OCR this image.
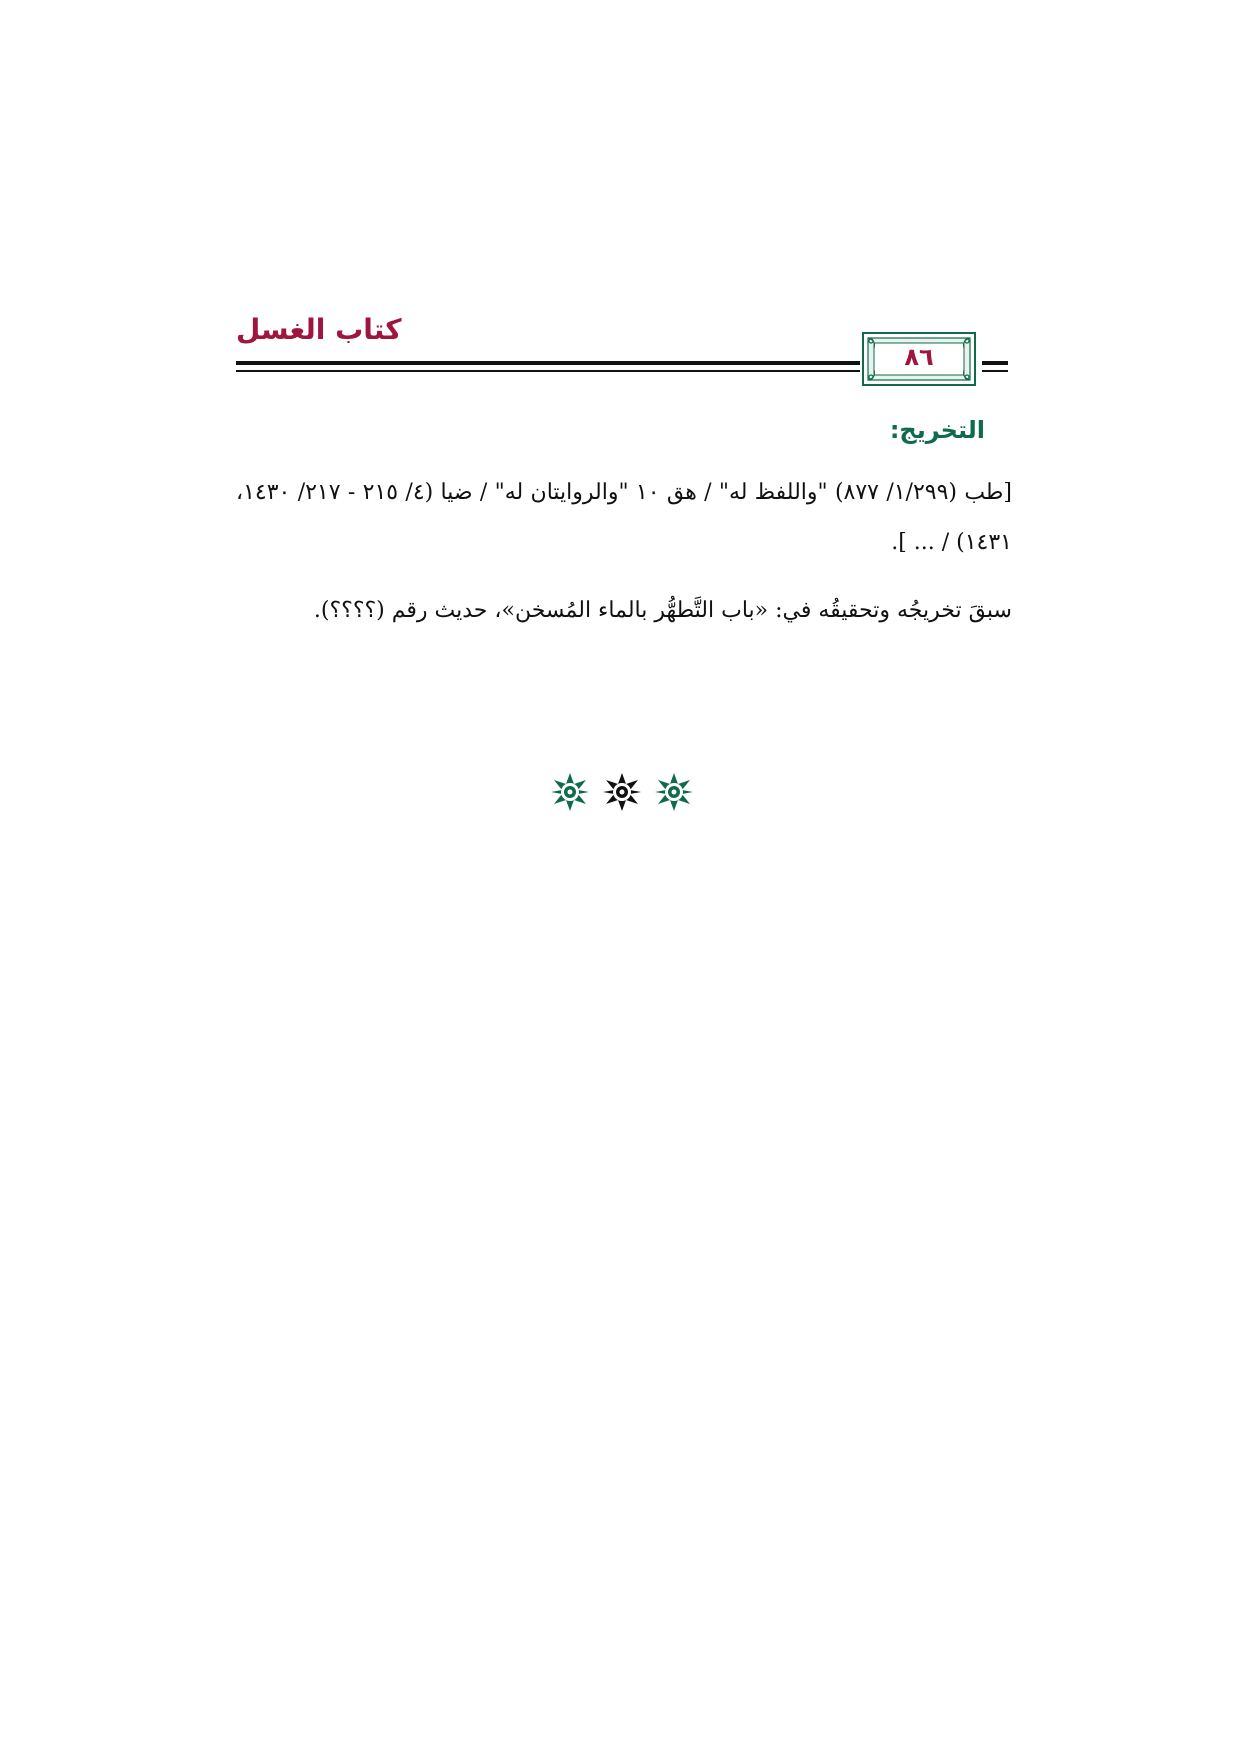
كتاب الغسل
٨٦
التخريج:
[طب (١/٢٩٩/ ٨٧٧) "واللفظ له" / هق ١٠ "والروايتان له" / ضيا (٤/ ٢١٥ - ٢١٧/ ١٤٣٠، ١٤٣١) / ... ].
سبقَ تخريجُه وتحقيقُه في: «باب التَّطهُّر بالماء المُسخن»، حديث رقم (؟؟؟؟).
